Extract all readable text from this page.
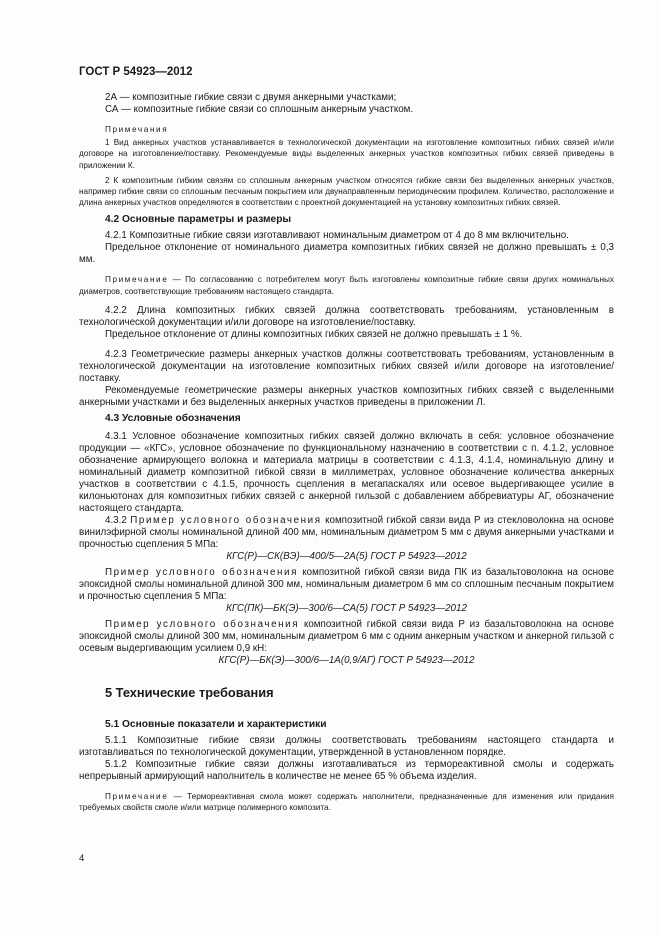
ГОСТ Р 54923—2012

2А — композитные гибкие связи с двумя анкерными участками;

СА — композитные гибкие связи со сплошным анкерным участком.

Примечания

1 Вид анкерных участков устанавливается в технологической документации на изготовление композитных гибких связей и/или договоре на изготовление/поставку. Рекомендуемые виды выделенных анкерных участков композитных гибких связей приведены в приложении К.

2 К композитным гибким связям со сплошным анкерным участком относятся гибкие связи без выделенных анкерных участков, например гибкие связи со сплошным песчаным покрытием или двунаправленным периодическим профилем. Количество, расположение и длина анкерных участков определяются в соответствии с проектной документацией на установку композитных гибких связей.

4.2 Основные параметры и размеры

4.2.1 Композитные гибкие связи изготавливают номинальным диаметром от 4 до 8 мм включительно.

Предельное отклонение от номинального диаметра композитных гибких связей не должно превышать ± 0,3 мм.

Примечание — По согласованию с потребителем могут быть изготовлены композитные гибкие связи других номинальных диаметров, соответствующие требованиям настоящего стандарта.

4.2.2 Длина композитных гибких связей должна соответствовать требованиям, установленным в технологической документации и/или договоре на изготовление/поставку.

Предельное отклонение от длины композитных гибких связей не должно превышать ± 1 %.

4.2.3 Геометрические размеры анкерных участков должны соответствовать требованиям, установленным в технологической документации на изготовление композитных гибких связей и/или договоре на изготовление/поставку.

Рекомендуемые геометрические размеры анкерных участков композитных гибких связей с выделенными анкерными участками и без выделенных анкерных участков приведены в приложении Л.

4.3 Условные обозначения

4.3.1 Условное обозначение композитных гибких связей должно включать в себя: условное обозначение продукции — «КГС», условное обозначение по функциональному назначению в соответствии с п. 4.1.2, условное обозначение армирующего волокна и материала матрицы в соответствии с 4.1.3, 4.1.4, номинальную длину и номинальный диаметр композитной гибкой связи в миллиметрах, условное обозначение количества анкерных участков в соответствии с 4.1.5, прочность сцепления в мегапаскалях или осевое выдергивающее усилие в килоньютонах для композитных гибких связей с анкерной гильзой с добавлением аббревиатуры АГ, обозначение настоящего стандарта.

4.3.2 Пример условного обозначения композитной гибкой связи вида Р из стекловолокна на основе винилэфирной смолы номинальной длиной 400 мм, номинальным диаметром 5 мм с двумя анкерными участками и прочностью сцепления 5 МПа:

КГС(Р)—СК(ВЭ)—400/5—2А(5) ГОСТ Р 54923—2012

Пример условного обозначения композитной гибкой связи вида ПК из базальтоволокна на основе эпоксидной смолы номинальной длиной 300 мм, номинальным диаметром 6 мм со сплошным песчаным покрытием и прочностью сцепления 5 МПа:

КГС(ПК)—БК(Э)—300/6—СА(5) ГОСТ Р 54923—2012

Пример условного обозначения композитной гибкой связи вида Р из базальтоволокна на основе эпоксидной смолы длиной 300 мм, номинальным диаметром 6 мм с одним анкерным участком и анкерной гильзой с осевым выдергивающим усилием 0,9 кН:

КГС(Р)—БК(Э)—300/6—1А(0,9/АГ) ГОСТ Р 54923—2012

5 Технические требования

5.1 Основные показатели и характеристики

5.1.1 Композитные гибкие связи должны соответствовать требованиям настоящего стандарта и изготавливаться по технологической документации, утвержденной в установленном порядке.

5.1.2 Композитные гибкие связи должны изготавливаться из термореактивной смолы и содержать непрерывный армирующий наполнитель в количестве не менее 65 % объема изделия.

Примечание — Термореактивная смола может содержать наполнители, предназначенные для изменения или придания требуемых свойств смоле и/или матрице полимерного композита.

4
